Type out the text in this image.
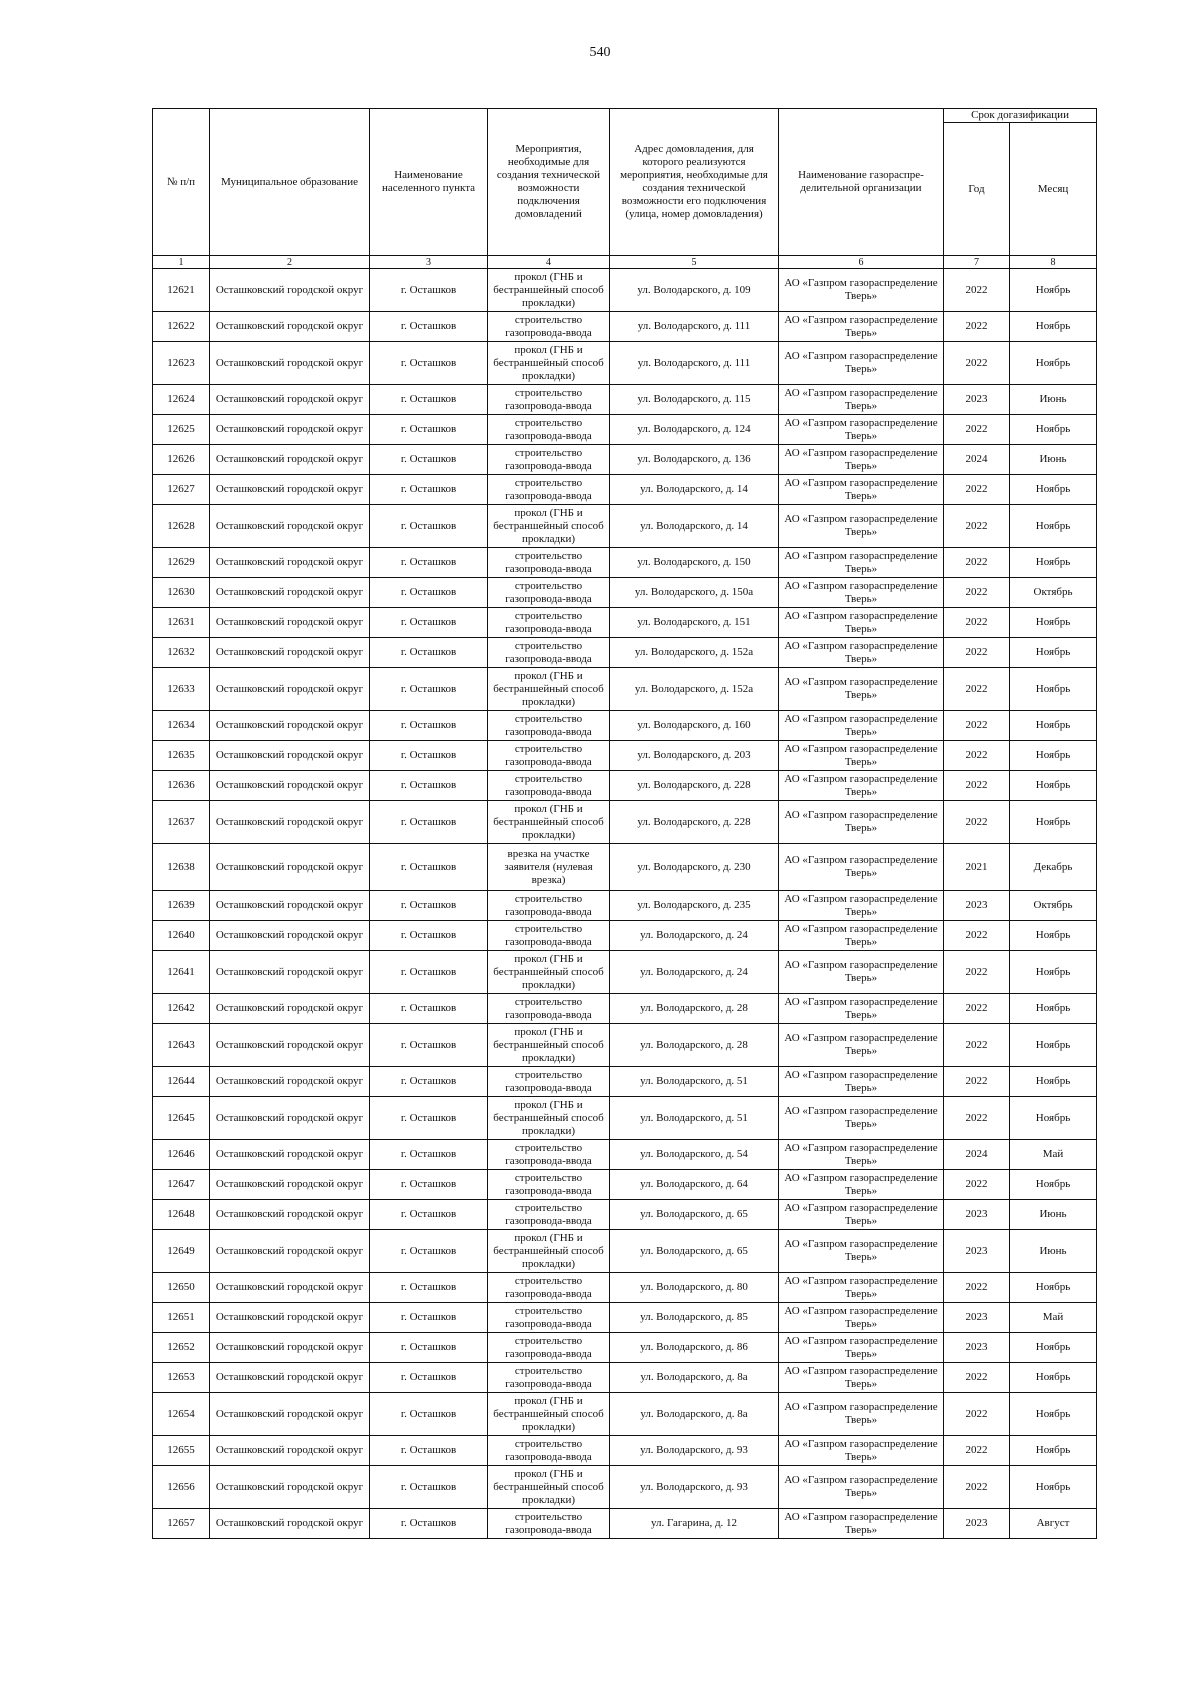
540
№ п/п	Муниципальное образование	Наименование населенного пункта	Мероприятия, необходимые для создания технической возможности подключения домовладений	Адрес домовладения, для которого реализуются мероприятия, необходимые для создания технической возможности его подключения (улица, номер домовладения)	Наименование газораспре-делительной организации	Срок догазификации	
						Год	Месяц
1	2	3	4	5	6	7	8
12621	Осташковский городской округ	г. Осташков	прокол (ГНБ и бестраншейный способ прокладки)	ул. Володарского, д. 109	АО «Газпром газораспределение Тверь»	2022	Ноябрь
12622	Осташковский городской округ	г. Осташков	строительство газопровода-ввода	ул. Володарского, д. 111	АО «Газпром газораспределение Тверь»	2022	Ноябрь
12623	Осташковский городской округ	г. Осташков	прокол (ГНБ и бестраншейный способ прокладки)	ул. Володарского, д. 111	АО «Газпром газораспределение Тверь»	2022	Ноябрь
12624	Осташковский городской округ	г. Осташков	строительство газопровода-ввода	ул. Володарского, д. 115	АО «Газпром газораспределение Тверь»	2023	Июнь
12625	Осташковский городской округ	г. Осташков	строительство газопровода-ввода	ул. Володарского, д. 124	АО «Газпром газораспределение Тверь»	2022	Ноябрь
12626	Осташковский городской округ	г. Осташков	строительство газопровода-ввода	ул. Володарского, д. 136	АО «Газпром газораспределение Тверь»	2024	Июнь
12627	Осташковский городской округ	г. Осташков	строительство газопровода-ввода	ул. Володарского, д. 14	АО «Газпром газораспределение Тверь»	2022	Ноябрь
12628	Осташковский городской округ	г. Осташков	прокол (ГНБ и бестраншейный способ прокладки)	ул. Володарского, д. 14	АО «Газпром газораспределение Тверь»	2022	Ноябрь
12629	Осташковский городской округ	г. Осташков	строительство газопровода-ввода	ул. Володарского, д. 150	АО «Газпром газораспределение Тверь»	2022	Ноябрь
12630	Осташковский городской округ	г. Осташков	строительство газопровода-ввода	ул. Володарского, д. 150а	АО «Газпром газораспределение Тверь»	2022	Октябрь
12631	Осташковский городской округ	г. Осташков	строительство газопровода-ввода	ул. Володарского, д. 151	АО «Газпром газораспределение Тверь»	2022	Ноябрь
12632	Осташковский городской округ	г. Осташков	строительство газопровода-ввода	ул. Володарского, д. 152а	АО «Газпром газораспределение Тверь»	2022	Ноябрь
12633	Осташковский городской округ	г. Осташков	прокол (ГНБ и бестраншейный способ прокладки)	ул. Володарского, д. 152а	АО «Газпром газораспределение Тверь»	2022	Ноябрь
12634	Осташковский городской округ	г. Осташков	строительство газопровода-ввода	ул. Володарского, д. 160	АО «Газпром газораспределение Тверь»	2022	Ноябрь
12635	Осташковский городской округ	г. Осташков	строительство газопровода-ввода	ул. Володарского, д. 203	АО «Газпром газораспределение Тверь»	2022	Ноябрь
12636	Осташковский городской округ	г. Осташков	строительство газопровода-ввода	ул. Володарского, д. 228	АО «Газпром газораспределение Тверь»	2022	Ноябрь
12637	Осташковский городской округ	г. Осташков	прокол (ГНБ и бестраншейный способ прокладки)	ул. Володарского, д. 228	АО «Газпром газораспределение Тверь»	2022	Ноябрь
12638	Осташковский городской округ	г. Осташков	врезка на участке заявителя (нулевая врезка)	ул. Володарского, д. 230	АО «Газпром газораспределение Тверь»	2021	Декабрь
12639	Осташковский городской округ	г. Осташков	строительство газопровода-ввода	ул. Володарского, д. 235	АО «Газпром газораспределение Тверь»	2023	Октябрь
12640	Осташковский городской округ	г. Осташков	строительство газопровода-ввода	ул. Володарского, д. 24	АО «Газпром газораспределение Тверь»	2022	Ноябрь
12641	Осташковский городской округ	г. Осташков	прокол (ГНБ и бестраншейный способ прокладки)	ул. Володарского, д. 24	АО «Газпром газораспределение Тверь»	2022	Ноябрь
12642	Осташковский городской округ	г. Осташков	строительство газопровода-ввода	ул. Володарского, д. 28	АО «Газпром газораспределение Тверь»	2022	Ноябрь
12643	Осташковский городской округ	г. Осташков	прокол (ГНБ и бестраншейный способ прокладки)	ул. Володарского, д. 28	АО «Газпром газораспределение Тверь»	2022	Ноябрь
12644	Осташковский городской округ	г. Осташков	строительство газопровода-ввода	ул. Володарского, д. 51	АО «Газпром газораспределение Тверь»	2022	Ноябрь
12645	Осташковский городской округ	г. Осташков	прокол (ГНБ и бестраншейный способ прокладки)	ул. Володарского, д. 51	АО «Газпром газораспределение Тверь»	2022	Ноябрь
12646	Осташковский городской округ	г. Осташков	строительство газопровода-ввода	ул. Володарского, д. 54	АО «Газпром газораспределение Тверь»	2024	Май
12647	Осташковский городской округ	г. Осташков	строительство газопровода-ввода	ул. Володарского, д. 64	АО «Газпром газораспределение Тверь»	2022	Ноябрь
12648	Осташковский городской округ	г. Осташков	строительство газопровода-ввода	ул. Володарского, д. 65	АО «Газпром газораспределение Тверь»	2023	Июнь
12649	Осташковский городской округ	г. Осташков	прокол (ГНБ и бестраншейный способ прокладки)	ул. Володарского, д. 65	АО «Газпром газораспределение Тверь»	2023	Июнь
12650	Осташковский городской округ	г. Осташков	строительство газопровода-ввода	ул. Володарского, д. 80	АО «Газпром газораспределение Тверь»	2022	Ноябрь
12651	Осташковский городской округ	г. Осташков	строительство газопровода-ввода	ул. Володарского, д. 85	АО «Газпром газораспределение Тверь»	2023	Май
12652	Осташковский городской округ	г. Осташков	строительство газопровода-ввода	ул. Володарского, д. 86	АО «Газпром газораспределение Тверь»	2023	Ноябрь
12653	Осташковский городской округ	г. Осташков	строительство газопровода-ввода	ул. Володарского, д. 8а	АО «Газпром газораспределение Тверь»	2022	Ноябрь
12654	Осташковский городской округ	г. Осташков	прокол (ГНБ и бестраншейный способ прокладки)	ул. Володарского, д. 8а	АО «Газпром газораспределение Тверь»	2022	Ноябрь
12655	Осташковский городской округ	г. Осташков	строительство газопровода-ввода	ул. Володарского, д. 93	АО «Газпром газораспределение Тверь»	2022	Ноябрь
12656	Осташковский городской округ	г. Осташков	прокол (ГНБ и бестраншейный способ прокладки)	ул. Володарского, д. 93	АО «Газпром газораспределение Тверь»	2022	Ноябрь
12657	Осташковский городской округ	г. Осташков	строительство газопровода-ввода	ул. Гагарина, д. 12	АО «Газпром газораспределение Тверь»	2023	Август
